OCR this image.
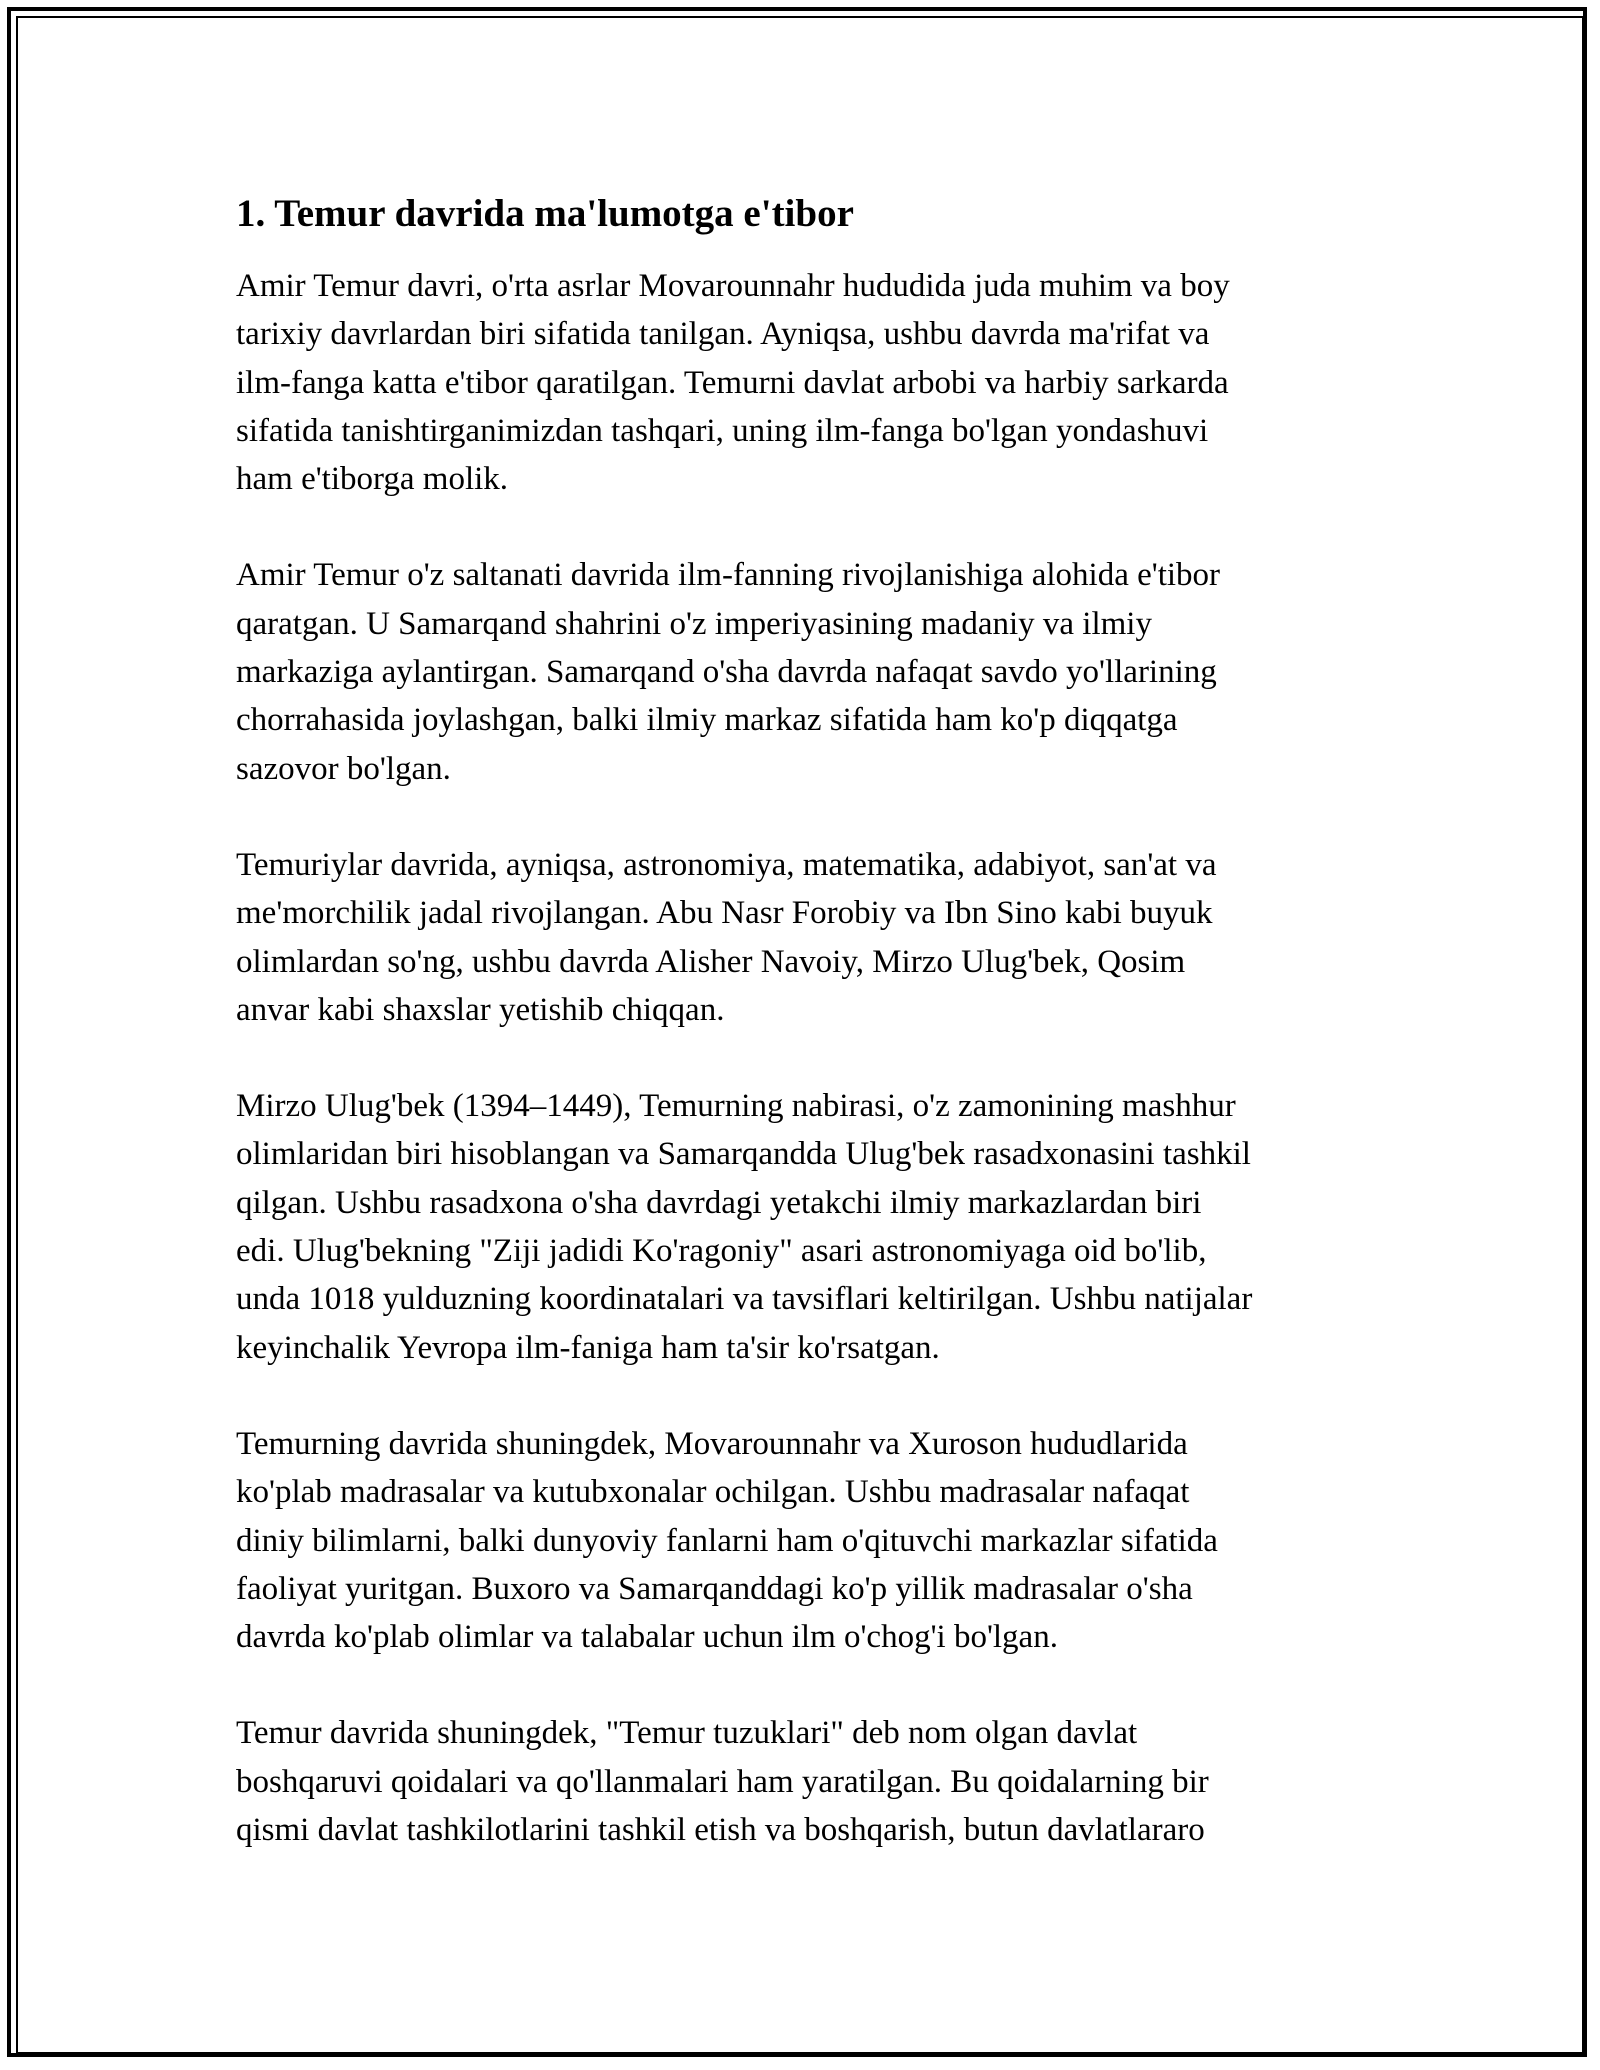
1. Temur davrida ma'lumotga e'tibor

Amir Temur davri, o'rta asrlar Movarounnahr hududida juda muhim va boy
tarixiy davrlardan biri sifatida tanilgan. Ayniqsa, ushbu davrda ma'rifat va
ilm-fanga katta e'tibor qaratilgan. Temurni davlat arbobi va harbiy sarkarda
sifatida tanishtirganimizdan tashqari, uning ilm-fanga bo'lgan yondashuvi
ham e'tiborga molik.

Amir Temur o'z saltanati davrida ilm-fanning rivojlanishiga alohida e'tibor
qaratgan. U Samarqand shahrini o'z imperiyasining madaniy va ilmiy
markaziga aylantirgan. Samarqand o'sha davrda nafaqat savdo yo'llarining
chorrahasida joylashgan, balki ilmiy markaz sifatida ham ko'p diqqatga
sazovor bo'lgan.

Temuriylar davrida, ayniqsa, astronomiya, matematika, adabiyot, san'at va
me'morchilik jadal rivojlangan. Abu Nasr Forobiy va Ibn Sino kabi buyuk
olimlardan so'ng, ushbu davrda Alisher Navoiy, Mirzo Ulug'bek, Qosim
anvar kabi shaxslar yetishib chiqqan.

Mirzo Ulug'bek (1394–1449), Temurning nabirasi, o'z zamonining mashhur
olimlaridan biri hisoblangan va Samarqandda Ulug'bek rasadxonasini tashkil
qilgan. Ushbu rasadxona o'sha davrdagi yetakchi ilmiy markazlardan biri
edi. Ulug'bekning "Ziji jadidi Ko'ragoniy" asari astronomiyaga oid bo'lib,
unda 1018 yulduzning koordinatalari va tavsiflari keltirilgan. Ushbu natijalar
keyinchalik Yevropa ilm-faniga ham ta'sir ko'rsatgan.

Temurning davrida shuningdek, Movarounnahr va Xuroson hududlarida
ko'plab madrasalar va kutubxonalar ochilgan. Ushbu madrasalar nafaqat
diniy bilimlarni, balki dunyoviy fanlarni ham o'qituvchi markazlar sifatida
faoliyat yuritgan. Buxoro va Samarqanddagi ko'p yillik madrasalar o'sha
davrda ko'plab olimlar va talabalar uchun ilm o'chog'i bo'lgan.

Temur davrida shuningdek, "Temur tuzuklari" deb nom olgan davlat
boshqaruvi qoidalari va qo'llanmalari ham yaratilgan. Bu qoidalarning bir
qismi davlat tashkilotlarini tashkil etish va boshqarish, butun davlatlararo
